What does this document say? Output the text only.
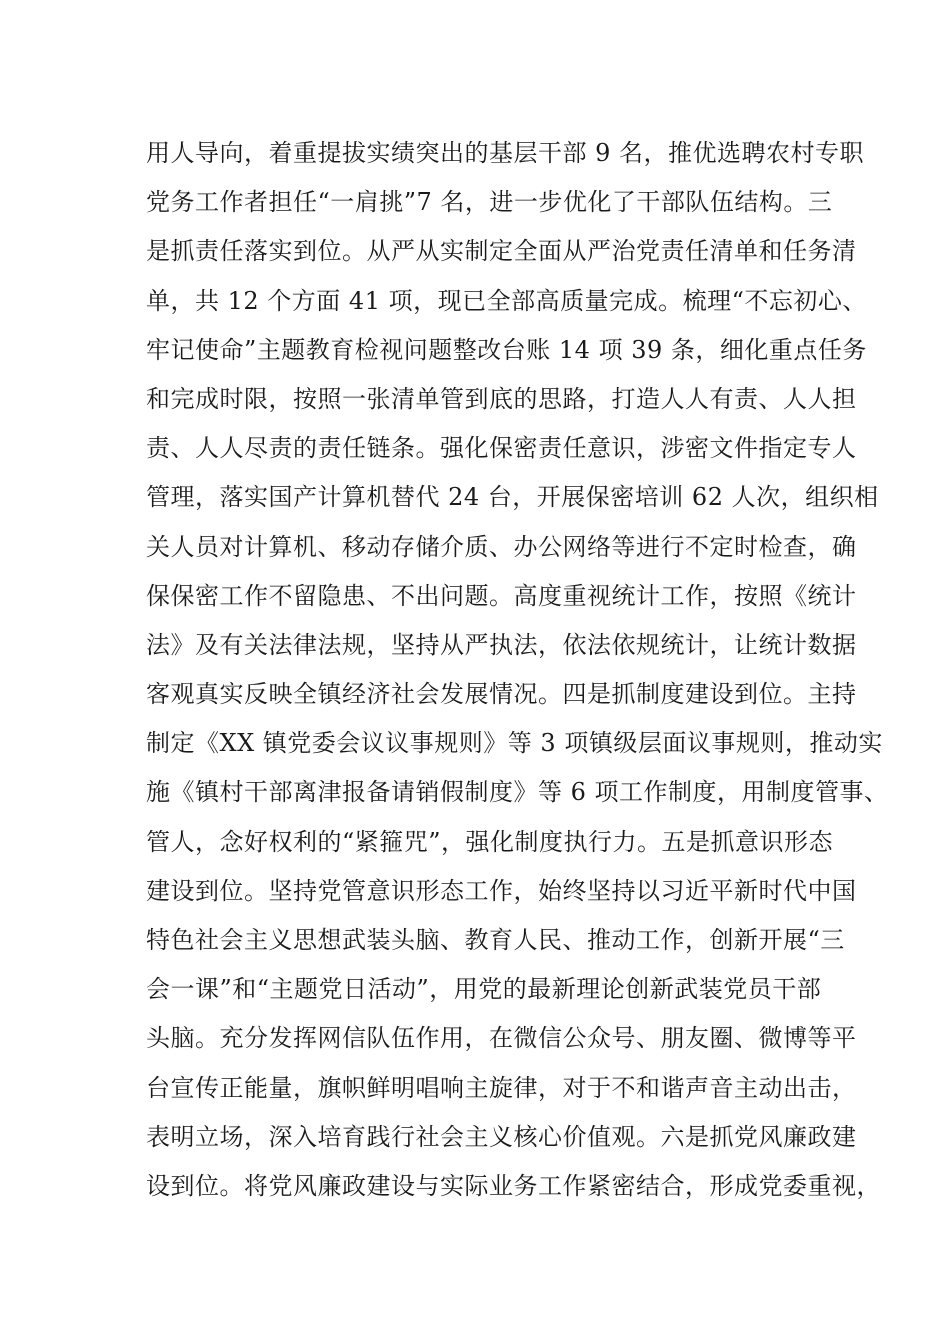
用人导向，着重提拔实绩突出的基层干部 9 名，推优选聘农村专职
党务工作者担任“一肩挑”7 名，进一步优化了干部队伍结构。三
是抓责任落实到位。从严从实制定全面从严治党责任清单和任务清
单，共 12 个方面 41 项，现已全部高质量完成。梳理“不忘初心、
牢记使命”主题教育检视问题整改台账 14 项 39 条，细化重点任务
和完成时限，按照一张清单管到底的思路，打造人人有责、人人担
责、人人尽责的责任链条。强化保密责任意识，涉密文件指定专人
管理，落实国产计算机替代 24 台，开展保密培训 62 人次，组织相
关人员对计算机、移动存储介质、办公网络等进行不定时检查，确
保保密工作不留隐患、不出问题。高度重视统计工作，按照《统计
法》及有关法律法规，坚持从严执法，依法依规统计，让统计数据
客观真实反映全镇经济社会发展情况。四是抓制度建设到位。主持
制定《XX 镇党委会议议事规则》等 3 项镇级层面议事规则，推动实
施《镇村干部离津报备请销假制度》等 6 项工作制度，用制度管事、
管人，念好权利的“紧箍咒”，强化制度执行力。五是抓意识形态
建设到位。坚持党管意识形态工作，始终坚持以习近平新时代中国
特色社会主义思想武装头脑、教育人民、推动工作，创新开展“三
会一课”和“主题党日活动”，用党的最新理论创新武装党员干部
头脑。充分发挥网信队伍作用，在微信公众号、朋友圈、微博等平
台宣传正能量，旗帜鲜明唱响主旋律，对于不和谐声音主动出击，
表明立场，深入培育践行社会主义核心价值观。六是抓党风廉政建
设到位。将党风廉政建设与实际业务工作紧密结合，形成党委重视，
